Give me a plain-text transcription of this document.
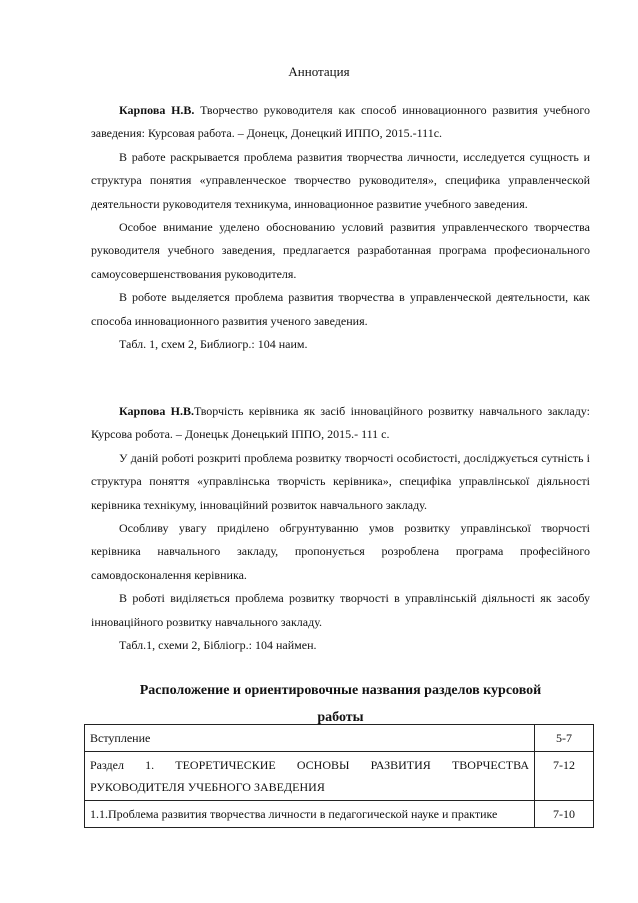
Аннотация
Карпова Н.В. Творчество руководителя как способ инновационного развития учебного заведения: Курсовая работа. – Донецк, Донецкий ИППО, 2015.-111с.
В работе раскрывается проблема развития творчества личности, исследуется сущность и структура понятия «управленческое творчество руководителя», специфика управленческой деятельности руководителя техникума, инновационное развитие учебного заведения.
Особое внимание уделено обоснованию условий развития управленческого творчества руководителя учебного заведения, предлагается разработанная програма професионального самоусовершенствования руководителя.
В роботе выделяется проблема развития творчества в управленческой деятельности, как способа инновационного развития ученого заведения.
Табл. 1, схем 2, Библиогр.: 104 наим.
Карпова Н.В.Творчість керівника як засіб інноваційного розвитку навчального закладу: Курсова робота. – Донецьк Донецький ІППО, 2015.- 111 с.
У даній роботі розкриті проблема розвитку творчості особистості, досліджується сутність і структура поняття «управлінська творчість керівника», специфіка управлінської діяльності керівника технікуму, інноваційний розвиток навчального закладу.
Особливу увагу приділено обгрунтуванню умов розвитку управлінської творчості керівника навчального закладу, пропонується розроблена програма професійного самовдосконалення керівника.
В роботі виділяється проблема розвитку творчості в управлінській діяльності як засобу інноваційного розвитку навчального закладу.
Табл.1, схеми 2, Бібліогр.: 104 наймен.
Расположение и ориентировочные названия разделов курсовой
работы
Вступление	5-7

Раздел 1. ТЕОРЕТИЧЕСКИЕ ОСНОВЫ РАЗВИТИЯ ТВОРЧЕСТВА
РУКОВОДИТЕЛЯ УЧЕБНОГО ЗАВЕДЕНИЯ	7-12
1.1.Проблема развития творчества личности в педагогической науке и практике	7-10
